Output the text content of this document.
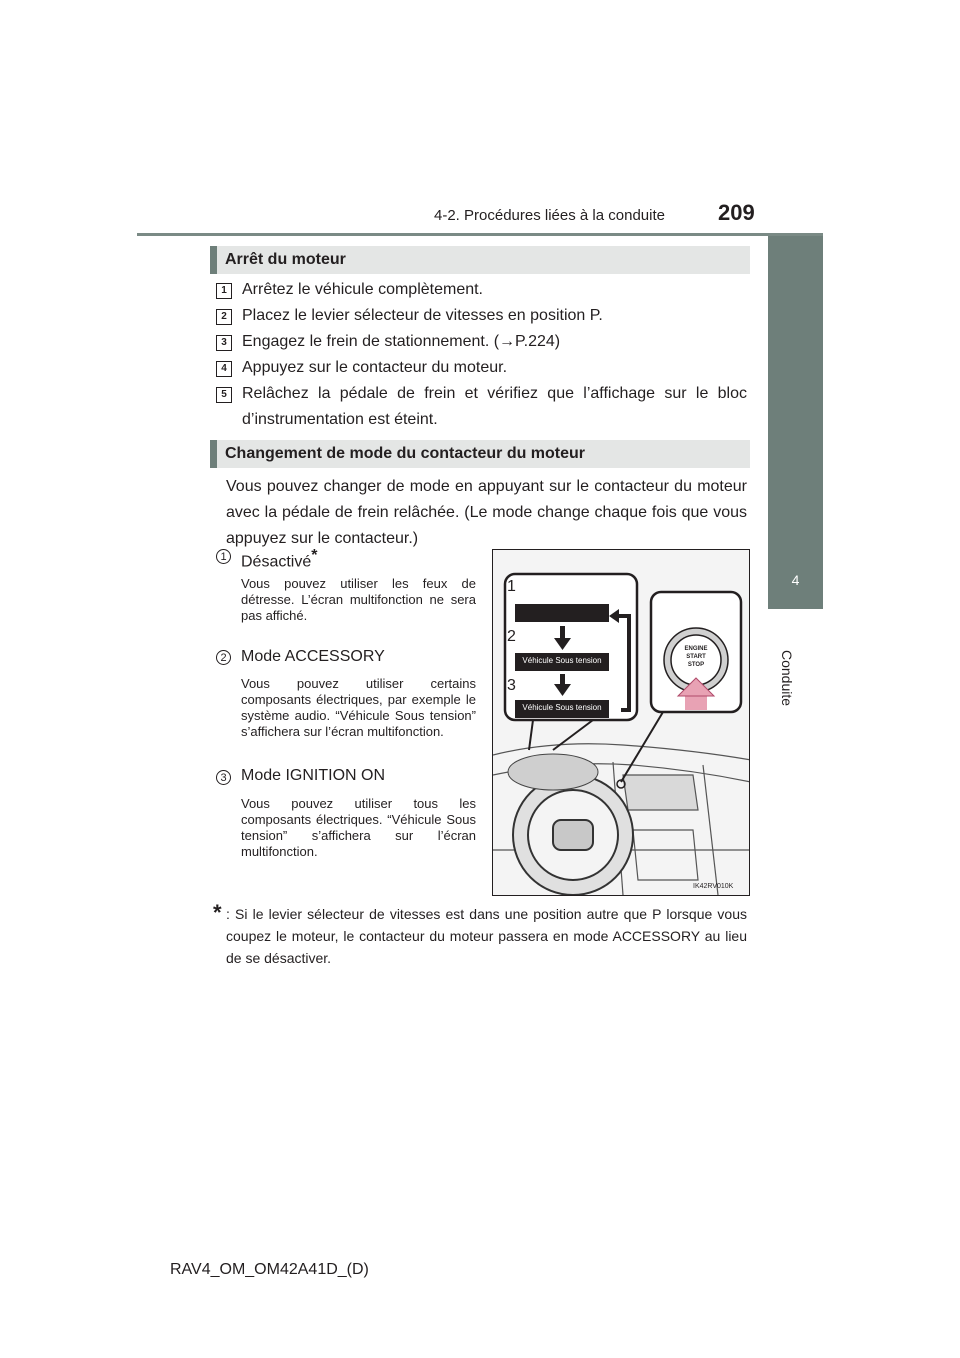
4-2. Procédures liées à la conduite 209
4
Conduite
Arrêt du moteur
1 Arrêtez le véhicule complètement.
2 Placez le levier sélecteur de vitesses en position P.
3 Engagez le frein de stationnement. (→P.224)
4 Appuyez sur le contacteur du moteur.
5 Relâchez la pédale de frein et vérifiez que l’affichage sur le bloc d’instrumentation est éteint.
Changement de mode du contacteur du moteur
Vous pouvez changer de mode en appuyant sur le contacteur du moteur avec la pédale de frein relâchée. (Le mode change chaque fois que vous appuyez sur le contacteur.)
1 Désactivé*
Vous pouvez utiliser les feux de détresse. L’écran multifonction ne sera pas affiché.
2 Mode ACCESSORY
Vous pouvez utiliser certains composants électriques, par exemple le système audio. “Véhicule Sous tension” s’affichera sur l’écran multifonction.
3 Mode IGNITION ON
Vous pouvez utiliser tous les composants électriques. “Véhicule Sous tension” s’affichera sur l’écran multifonction.
1
2
3
Véhicule Sous tension
Véhicule Sous tension
ENGINE
START
STOP
IK42RV010K
* : Si le levier sélecteur de vitesses est dans une position autre que P lorsque vous coupez le moteur, le contacteur du moteur passera en mode ACCESSORY au lieu de se désactiver.
RAV4_OM_OM42A41D_(D)
